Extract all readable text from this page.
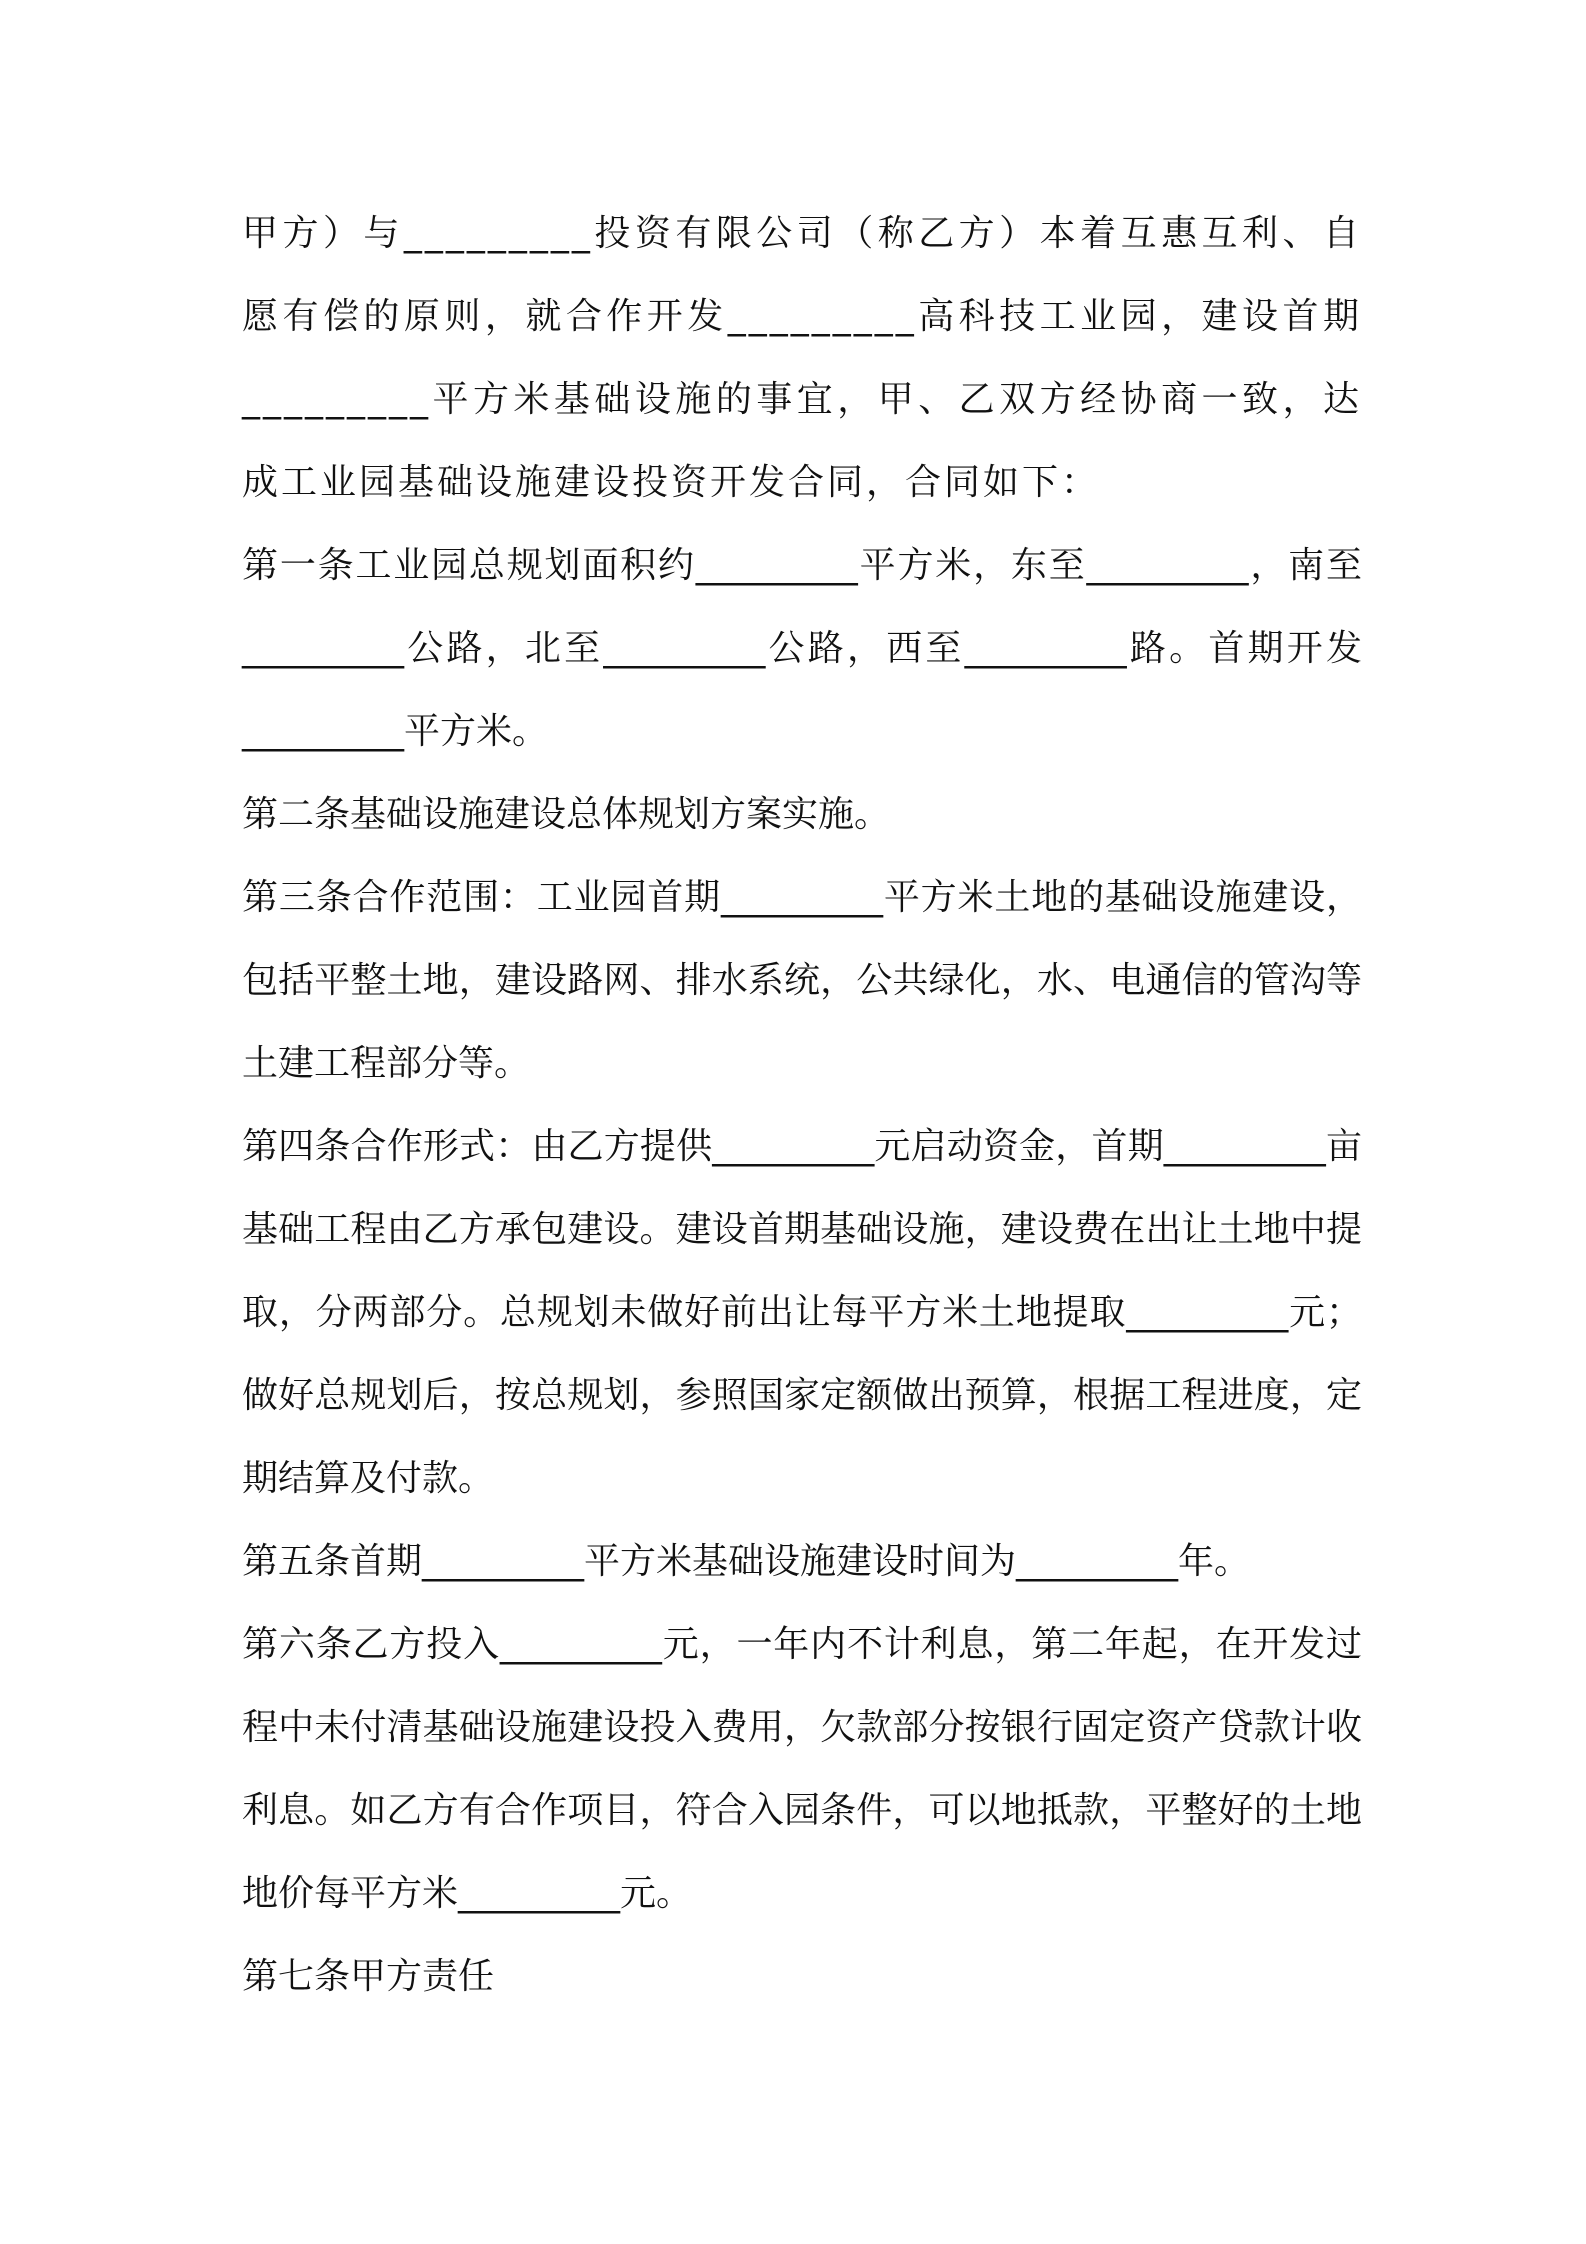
甲方）与_________投资有限公司（称乙方）本着互惠互利、自愿有偿的原则，就合作开发_________高科技工业园，建设首期_________平方米基础设施的事宜，甲、乙双方经协商一致，达成工业园基础设施建设投资开发合同，合同如下：

第一条工业园总规划面积约_________平方米，东至_________，南至_________公路，北至_________公路，西至_________路。首期开发_________平方米。

第二条基础设施建设总体规划方案实施。

第三条合作范围：工业园首期_________平方米土地的基础设施建设，包括平整土地，建设路网、排水系统，公共绿化，水、电通信的管沟等土建工程部分等。

第四条合作形式：由乙方提供_________元启动资金，首期_________亩基础工程由乙方承包建设。建设首期基础设施，建设费在出让土地中提取，分两部分。总规划未做好前出让每平方米土地提取_________元；做好总规划后，按总规划，参照国家定额做出预算，根据工程进度，定期结算及付款。

第五条首期_________平方米基础设施建设时间为_________年。

第六条乙方投入_________元，一年内不计利息，第二年起，在开发过程中未付清基础设施建设投入费用，欠款部分按银行固定资产贷款计收利息。如乙方有合作项目，符合入园条件，可以地抵款，平整好的土地地价每平方米_________元。

第七条甲方责任
